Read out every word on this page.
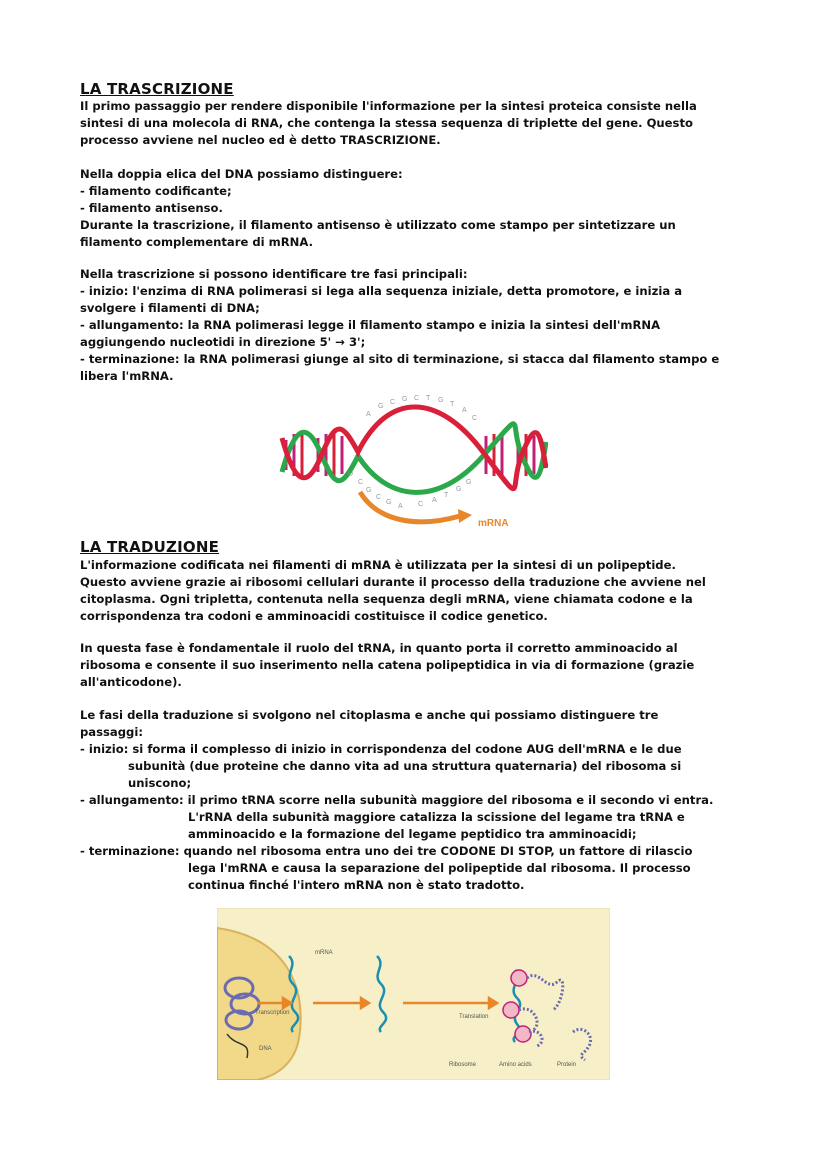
LA TRASCRIZIONE
Il primo passaggio per rendere disponibile l'informazione per la sintesi proteica consiste nella
sintesi di una molecola di RNA, che contenga la stessa sequenza di triplette del gene. Questo
processo avviene nel nucleo ed è detto TRASCRIZIONE.
Nella doppia elica del DNA possiamo distinguere:
- filamento codificante;
- filamento antisenso.
Durante la trascrizione, il filamento antisenso è utilizzato come stampo per sintetizzare un
filamento complementare di mRNA.
Nella trascrizione si possono identificare tre fasi principali:
- inizio: l'enzima di RNA polimerasi si lega alla sequenza iniziale, detta promotore, e inizia a
svolgere i filamenti di DNA;
- allungamento: la RNA polimerasi legge il filamento stampo e inizia la sintesi dell'mRNA
aggiungendo nucleotidi in direzione 5' → 3';
- terminazione: la RNA polimerasi giunge al sito di terminazione, si stacca dal filamento stampo e
libera l'mRNA.
A
G
C G C T G
T
A
C
U
C
G
C
G
A C
A
T
G
G
mRNA
LA TRADUZIONE
L'informazione codificata nei filamenti di mRNA è utilizzata per la sintesi di un polipeptide.
Questo avviene grazie ai ribosomi cellulari durante il processo della traduzione che avviene nel
citoplasma. Ogni tripletta, contenuta nella sequenza degli mRNA, viene chiamata codone e la
corrispondenza tra codoni e amminoacidi costituisce il codice genetico.
In questa fase è fondamentale il ruolo del tRNA, in quanto porta il corretto amminoacido al
ribosoma e consente il suo inserimento nella catena polipeptidica in via di formazione (grazie
all'anticodone).
Le fasi della traduzione si svolgono nel citoplasma e anche qui possiamo distinguere tre
passaggi:
- inizio: si forma il complesso di inizio in corrispondenza del codone AUG dell'mRNA e le due
subunità (due proteine che danno vita ad una struttura quaternaria) del ribosoma si
uniscono;
- allungamento: il primo tRNA scorre nella subunità maggiore del ribosoma e il secondo vi entra.
L'rRNA della subunità maggiore catalizza la scissione del legame tra tRNA e
amminoacido e la formazione del legame peptidico tra amminoacidi;
- terminazione: quando nel ribosoma entra uno dei tre CODONE DI STOP, un fattore di rilascio
lega l'mRNA e causa la separazione del polipeptide dal ribosoma. Il processo
continua finché l'intero mRNA non è stato tradotto.
mRNA
Transcription
DNA
Translation
Ribosome	Amino acids	Protein
